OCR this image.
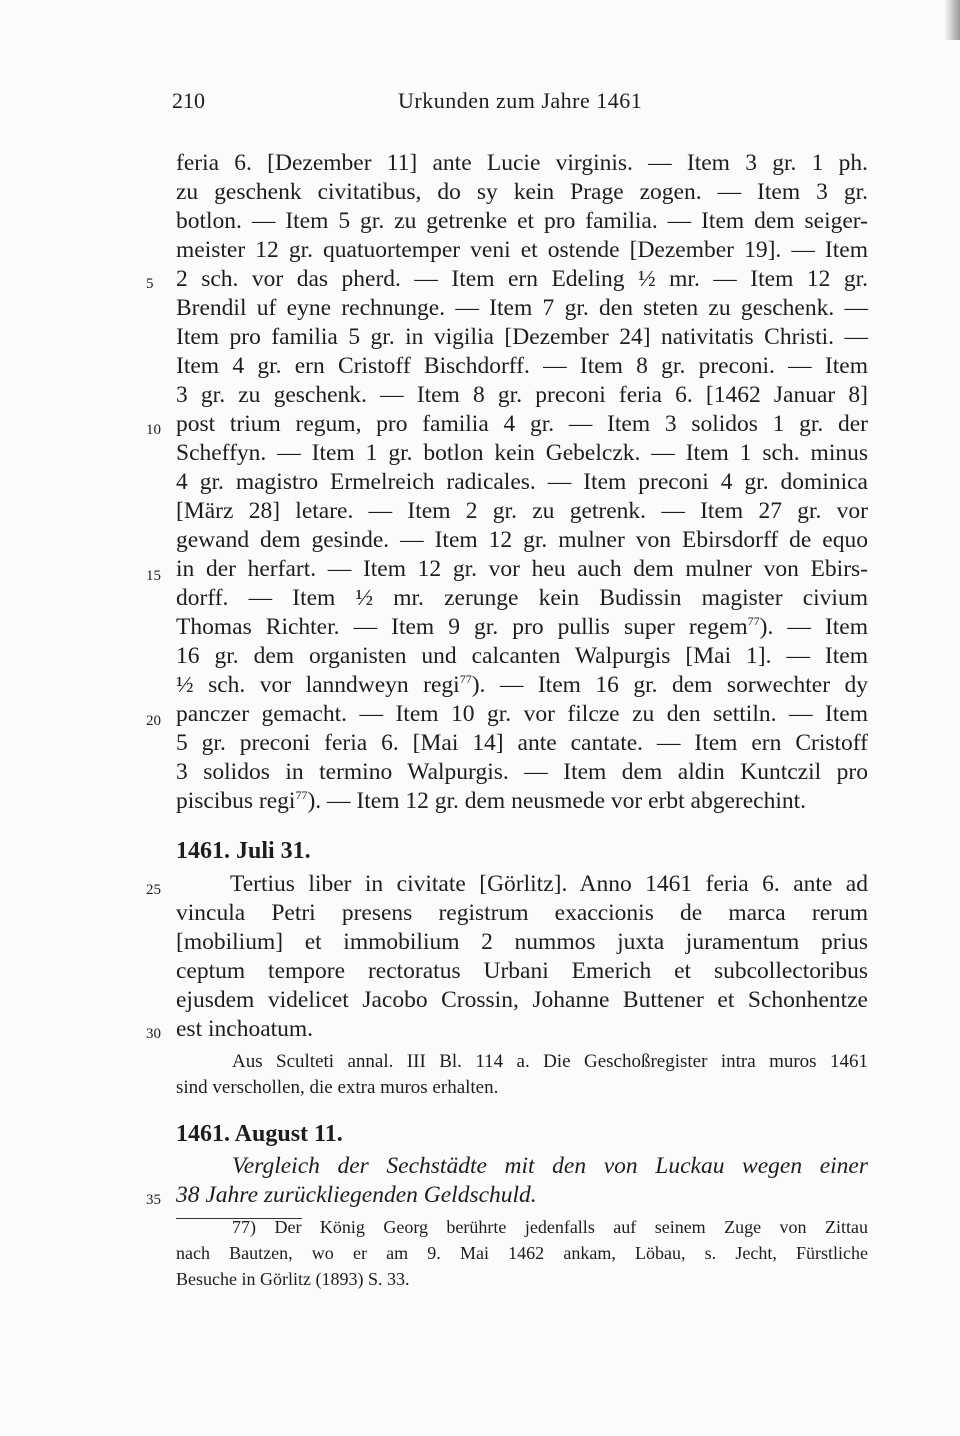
210	Urkunden zum Jahre 1461
5
10
15
20
25
30
35
feria 6. [Dezember 11] ante Lucie virginis. — Item 3 gr. 1 ph.
zu geschenk civitatibus, do sy kein Prage zogen. — Item 3 gr.
botlon. — Item 5 gr. zu getrenke et pro familia. — Item dem seiger-
meister 12 gr. quatuortemper veni et ostende [Dezember 19]. — Item
2 sch. vor das pherd. — Item ern Edeling ½ mr. — Item 12 gr.
Brendil uf eyne rechnunge. — Item 7 gr. den steten zu geschenk. —
Item pro familia 5 gr. in vigilia [Dezember 24] nativitatis Christi. —
Item 4 gr. ern Cristoff Bischdorff. — Item 8 gr. preconi. — Item
3 gr. zu geschenk. — Item 8 gr. preconi feria 6. [1462 Januar 8]
post trium regum, pro familia 4 gr. — Item 3 solidos 1 gr. der
Scheffyn. — Item 1 gr. botlon kein Gebelczk. — Item 1 sch. minus
4 gr. magistro Ermelreich radicales. — Item preconi 4 gr. dominica
[März 28] letare. — Item 2 gr. zu getrenk. — Item 27 gr. vor
gewand dem gesinde. — Item 12 gr. mulner von Ebirsdorff de equo
in der herfart. — Item 12 gr. vor heu auch dem mulner von Ebirs-
dorff. — Item ½ mr. zerunge kein Budissin magister civium
Thomas Richter. — Item 9 gr. pro pullis super regem$^{77}$). — Item
16 gr. dem organisten und calcanten Walpurgis [Mai 1]. — Item
½ sch. vor lanndweyn regi$^{77}$). — Item 16 gr. dem sorwechter dy
panczer gemacht. — Item 10 gr. vor filcze zu den settiln. — Item
5 gr. preconi feria 6. [Mai 14] ante cantate. — Item ern Cristoff
3 solidos in termino Walpurgis. — Item dem aldin Kuntczil pro
piscibus regi$^{77}$). — Item 12 gr. dem neusmede vor erbt abgerechint.
1461. Juli 31.
Tertius liber in civitate [Görlitz]. Anno 1461 feria 6. ante ad
vincula Petri presens registrum exaccionis de marca rerum
[mobilium] et immobilium 2 nummos juxta juramentum prius
ceptum tempore rectoratus Urbani Emerich et subcollectoribus
ejusdem videlicet Jacobo Crossin, Johanne Buttener et Schonhentze
est inchoatum.
Aus Sculteti annal. III Bl. 114 a. Die Geschoßregister intra muros 1461
sind verschollen, die extra muros erhalten.
1461. August 11.
Vergleich der Sechstädte mit den von Luckau wegen einer
38 Jahre zurückliegenden Geldschuld.
77) Der König Georg berührte jedenfalls auf seinem Zuge von Zittau
nach Bautzen, wo er am 9. Mai 1462 ankam, Löbau, s. Jecht, Fürstliche
Besuche in Görlitz (1893) S. 33.
